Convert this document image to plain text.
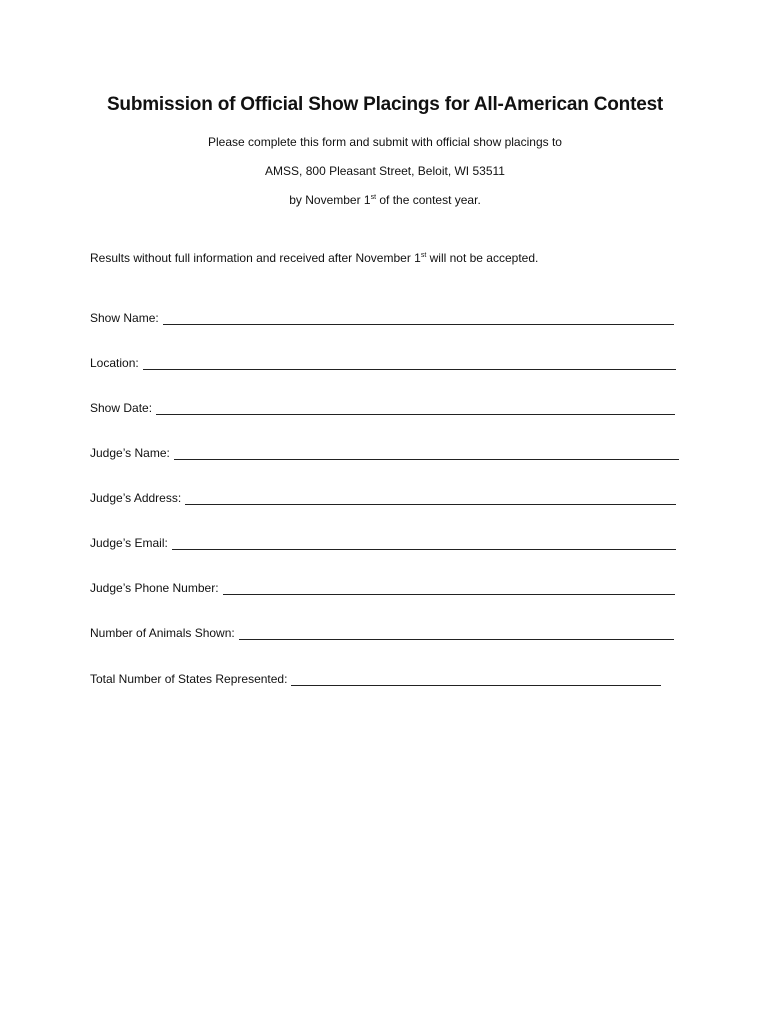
Submission of Official Show Placings for All-American Contest

Please complete this form and submit with official show placings to

AMSS, 800 Pleasant Street, Beloit, WI 53511

by November 1st of the contest year.

Results without full information and received after November 1st will not be accepted.

Show Name:
Location:
Show Date:
Judge’s Name:
Judge’s Address:
Judge’s Email:
Judge’s Phone Number:
Number of Animals Shown:
Total Number of States Represented:
